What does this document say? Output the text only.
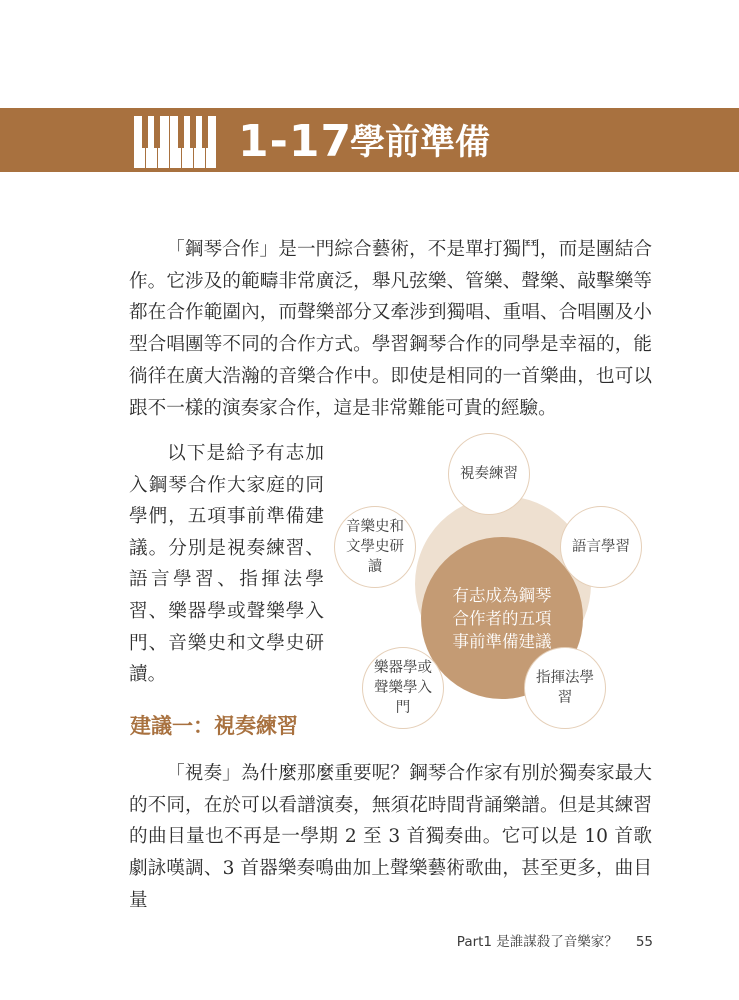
1-17
學前準備

「鋼琴合作」是一門綜合藝術，不是單打獨鬥，而是團結合作。它涉及的範疇非常廣泛，舉凡弦樂、管樂、聲樂、敲擊樂等都在合作範圍內，而聲樂部分又牽涉到獨唱、重唱、合唱團及小型合唱團等不同的合作方式。學習鋼琴合作的同學是幸福的，能徜徉在廣大浩瀚的音樂合作中。即使是相同的一首樂曲，也可以跟不一樣的演奏家合作，這是非常難能可貴的經驗。

以下是給予有志加入鋼琴合作大家庭的同學們，五項事前準備建議。分別是視奏練習、語言學習、指揮法學習、樂器學或聲樂學入門、音樂史和文學史研讀。

有志成為鋼琴合作者的五項事前準備建議
視奏練習
語言學習
指揮法學習
樂器學或聲樂學入門
音樂史和文學史研讀
建議一：視奏練習

「視奏」為什麼那麼重要呢？鋼琴合作家有別於獨奏家最大的不同，在於可以看譜演奏，無須花時間背誦樂譜。但是其練習的曲目量也不再是一學期 2 至 3 首獨奏曲。它可以是 10 首歌劇詠嘆調、3 首器樂奏鳴曲加上聲樂藝術歌曲，甚至更多，曲目量

Part1 是誰謀殺了音樂家？ 55
